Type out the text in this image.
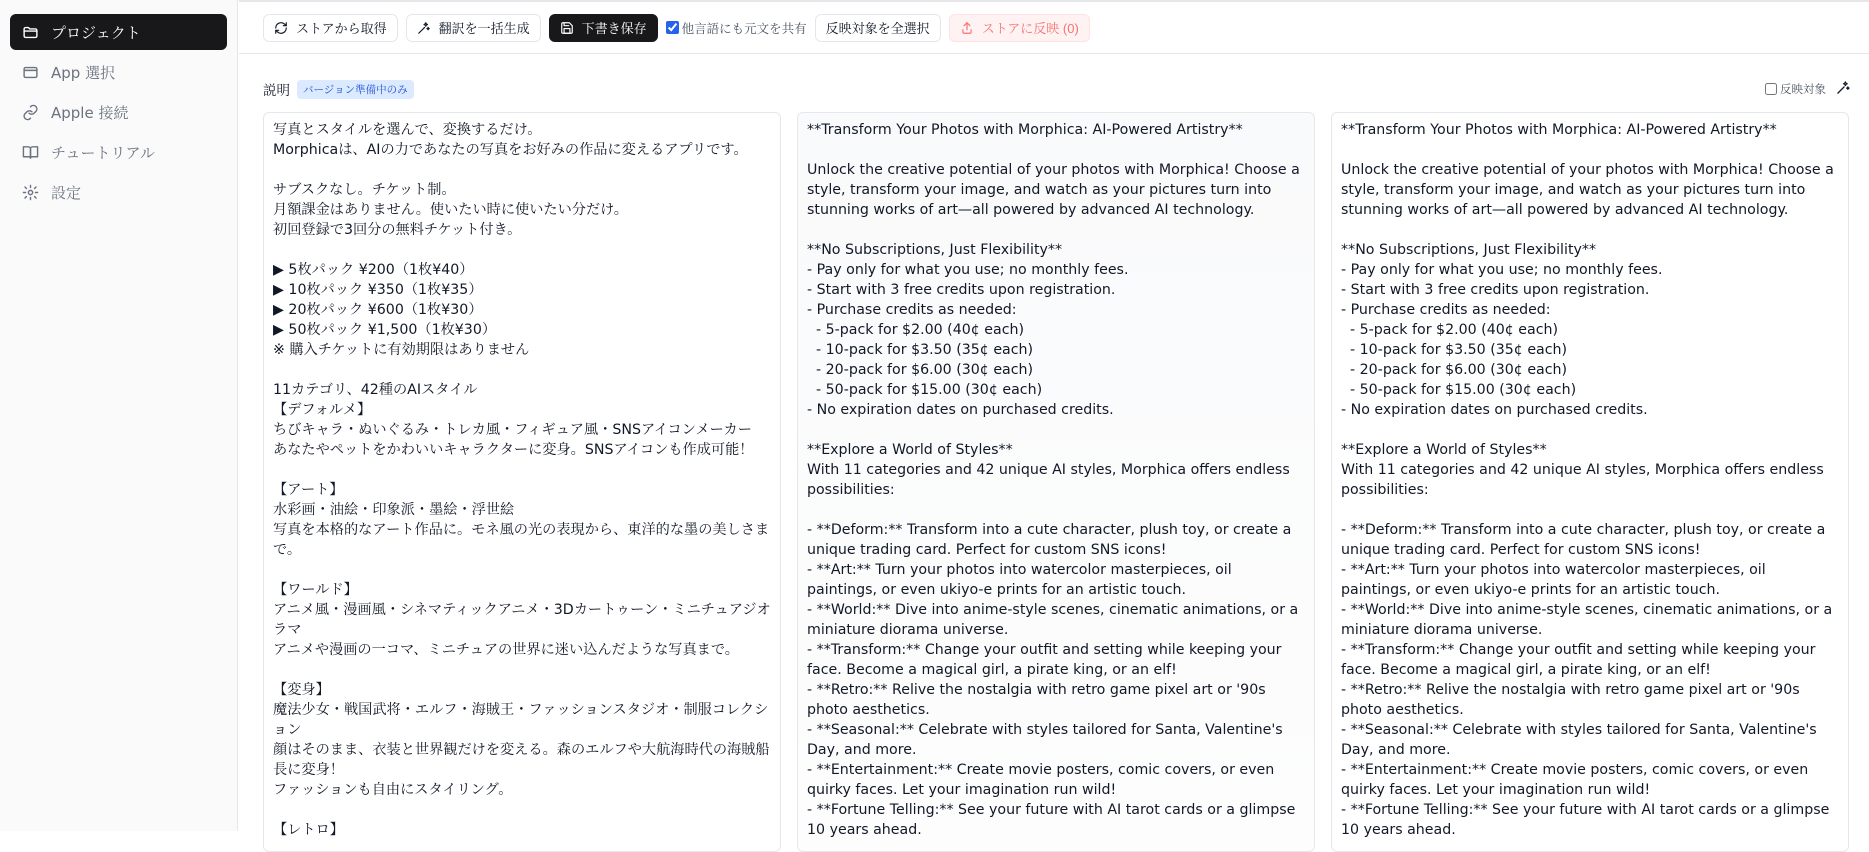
プロジェクト
App 選択
Apple 接続
チュートリアル
設定
ストアから取得	翻訳を一括生成	下書き保存	他言語にも元文を共有 反映対象を全選択	ストアに反映 (0)
説明	バージョン準備中のみ	反映対象
写真とスタイルを選んで、変換するだけ。
Morphicaは、AIの力であなたの写真をお好みの作品に変えるアプリです。

サブスクなし。チケット制。
月額課金はありません。使いたい時に使いたい分だけ。
初回登録で3回分の無料チケット付き。

▶ 5枚パック ¥200（1枚¥40）
▶ 10枚パック ¥350（1枚¥35）
▶ 20枚パック ¥600（1枚¥30）
▶ 50枚パック ¥1,500（1枚¥30）
※ 購入チケットに有効期限はありません

11カテゴリ、42種のAIスタイル
【デフォルメ】
ちびキャラ・ぬいぐるみ・トレカ風・フィギュア風・SNSアイコンメーカー
あなたやペットをかわいいキャラクターに変身。SNSアイコンも作成可能！

【アート】
水彩画・油絵・印象派・墨絵・浮世絵
写真を本格的なアート作品に。モネ風の光の表現から、東洋的な墨の美しさまで。

【ワールド】
アニメ風・漫画風・シネマティックアニメ・3Dカートゥーン・ミニチュアジオラマ
アニメや漫画の一コマ、ミニチュアの世界に迷い込んだような写真まで。

【変身】
魔法少女・戦国武将・エルフ・海賊王・ファッションスタジオ・制服コレクション
顔はそのまま、衣装と世界観だけを変える。森のエルフや大航海時代の海賊船長に変身！
ファッションも自由にスタイリング。

【レトロ】
**Transform Your Photos with Morphica: AI-Powered Artistry**

Unlock the creative potential of your photos with Morphica! Choose a style, transform your image, and watch as your pictures turn into stunning works of art—all powered by advanced AI technology.

**No Subscriptions, Just Flexibility**
- Pay only for what you use; no monthly fees.
- Start with 3 free credits upon registration.
- Purchase credits as needed:
- 5-pack for $2.00 (40¢ each)
- 10-pack for $3.50 (35¢ each)
- 20-pack for $6.00 (30¢ each)
- 50-pack for $15.00 (30¢ each)
- No expiration dates on purchased credits.

**Explore a World of Styles**
With 11 categories and 42 unique AI styles, Morphica offers endless possibilities:

- **Deform:** Transform into a cute character, plush toy, or create a unique trading card. Perfect for custom SNS icons!
- **Art:** Turn your photos into watercolor masterpieces, oil paintings, or even ukiyo-e prints for an artistic touch.
- **World:** Dive into anime-style scenes, cinematic animations, or a miniature diorama universe.
- **Transform:** Change your outfit and setting while keeping your face. Become a magical girl, a pirate king, or an elf!
- **Retro:** Relive the nostalgia with retro game pixel art or '90s photo aesthetics.
- **Seasonal:** Celebrate with styles tailored for Santa, Valentine's Day, and more.
- **Entertainment:** Create movie posters, comic covers, or even quirky faces. Let your imagination run wild!
- **Fortune Telling:** See your future with AI tarot cards or a glimpse 10 years ahead.
**Transform Your Photos with Morphica: AI-Powered Artistry**

Unlock the creative potential of your photos with Morphica! Choose a style, transform your image, and watch as your pictures turn into stunning works of art—all powered by advanced AI technology.

**No Subscriptions, Just Flexibility**
- Pay only for what you use; no monthly fees.
- Start with 3 free credits upon registration.
- Purchase credits as needed:
- 5-pack for $2.00 (40¢ each)
- 10-pack for $3.50 (35¢ each)
- 20-pack for $6.00 (30¢ each)
- 50-pack for $15.00 (30¢ each)
- No expiration dates on purchased credits.

**Explore a World of Styles**
With 11 categories and 42 unique AI styles, Morphica offers endless possibilities:

- **Deform:** Transform into a cute character, plush toy, or create a unique trading card. Perfect for custom SNS icons!
- **Art:** Turn your photos into watercolor masterpieces, oil paintings, or even ukiyo-e prints for an artistic touch.
- **World:** Dive into anime-style scenes, cinematic animations, or a miniature diorama universe.
- **Transform:** Change your outfit and setting while keeping your face. Become a magical girl, a pirate king, or an elf!
- **Retro:** Relive the nostalgia with retro game pixel art or '90s photo aesthetics.
- **Seasonal:** Celebrate with styles tailored for Santa, Valentine's Day, and more.
- **Entertainment:** Create movie posters, comic covers, or even quirky faces. Let your imagination run wild!
- **Fortune Telling:** See your future with AI tarot cards or a glimpse 10 years ahead.
